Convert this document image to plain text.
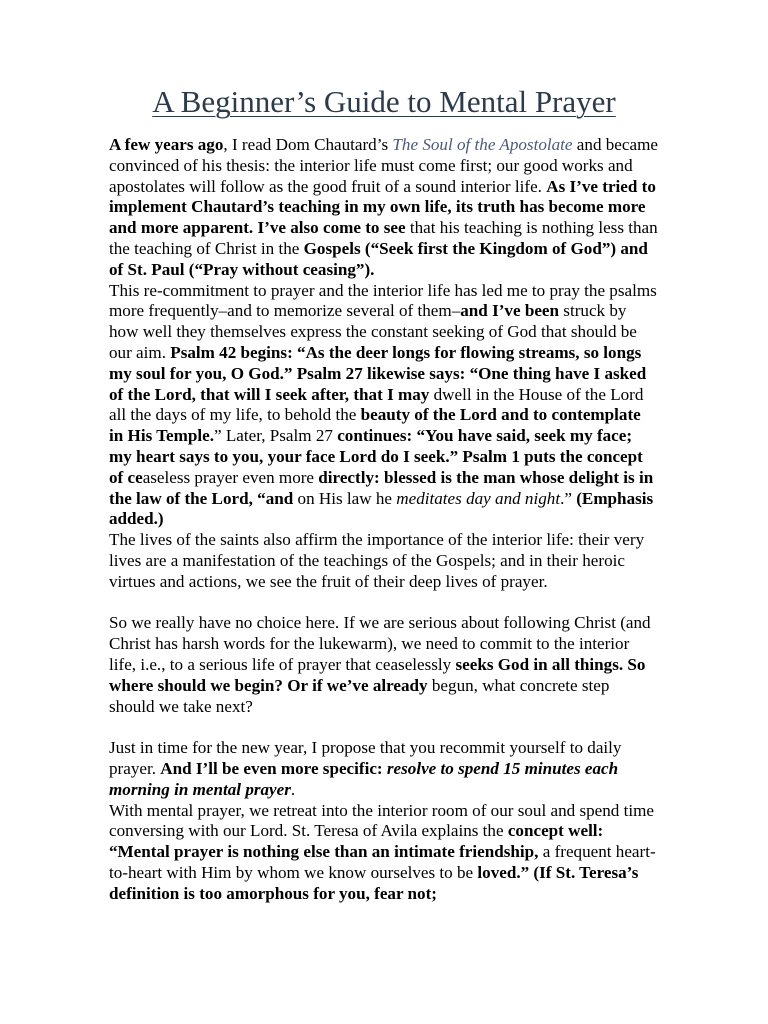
A Beginner’s Guide to Mental Prayer

A few years ago, I read Dom Chautard’s The Soul of the Apostolate and became convinced of his thesis: the interior life must come first; our good works and apostolates will follow as the good fruit of a sound interior life. As I’ve tried to implement Chautard’s teaching in my own life, its truth has become more and more apparent. I’ve also come to see that his teaching is nothing less than the teaching of Christ in the Gospels (“Seek first the Kingdom of God”) and of St. Paul (“Pray without ceasing”).

This re-commitment to prayer and the interior life has led me to pray the psalms more frequently–and to memorize several of them–and I’ve been struck by how well they themselves express the constant seeking of God that should be our aim. Psalm 42 begins: “As the deer longs for flowing streams, so longs my soul for you, O God.” Psalm 27 likewise says: “One thing have I asked of the Lord, that will I seek after, that I may dwell in the House of the Lord all the days of my life, to behold the beauty of the Lord and to contemplate in His Temple.” Later, Psalm 27 continues: “You have said, seek my face; my heart says to you, your face Lord do I seek.” Psalm 1 puts the concept of ceaseless prayer even more directly: blessed is the man whose delight is in the law of the Lord, “and on His law he meditates day and night.” (Emphasis added.)

The lives of the saints also affirm the importance of the interior life: their very lives are a manifestation of the teachings of the Gospels; and in their heroic virtues and actions, we see the fruit of their deep lives of prayer.

So we really have no choice here. If we are serious about following Christ (and Christ has harsh words for the lukewarm), we need to commit to the interior life, i.e., to a serious life of prayer that ceaselessly seeks God in all things. So where should we begin? Or if we’ve already begun, what concrete step should we take next?

Just in time for the new year, I propose that you recommit yourself to daily prayer. And I’ll be even more specific: resolve to spend 15 minutes each morning in mental prayer.

With mental prayer, we retreat into the interior room of our soul and spend time conversing with our Lord. St. Teresa of Avila explains the concept well: “Mental prayer is nothing else than an intimate friendship, a frequent heart-to-heart with Him by whom we know ourselves to be loved.” (If St. Teresa’s definition is too amorphous for you, fear not;
